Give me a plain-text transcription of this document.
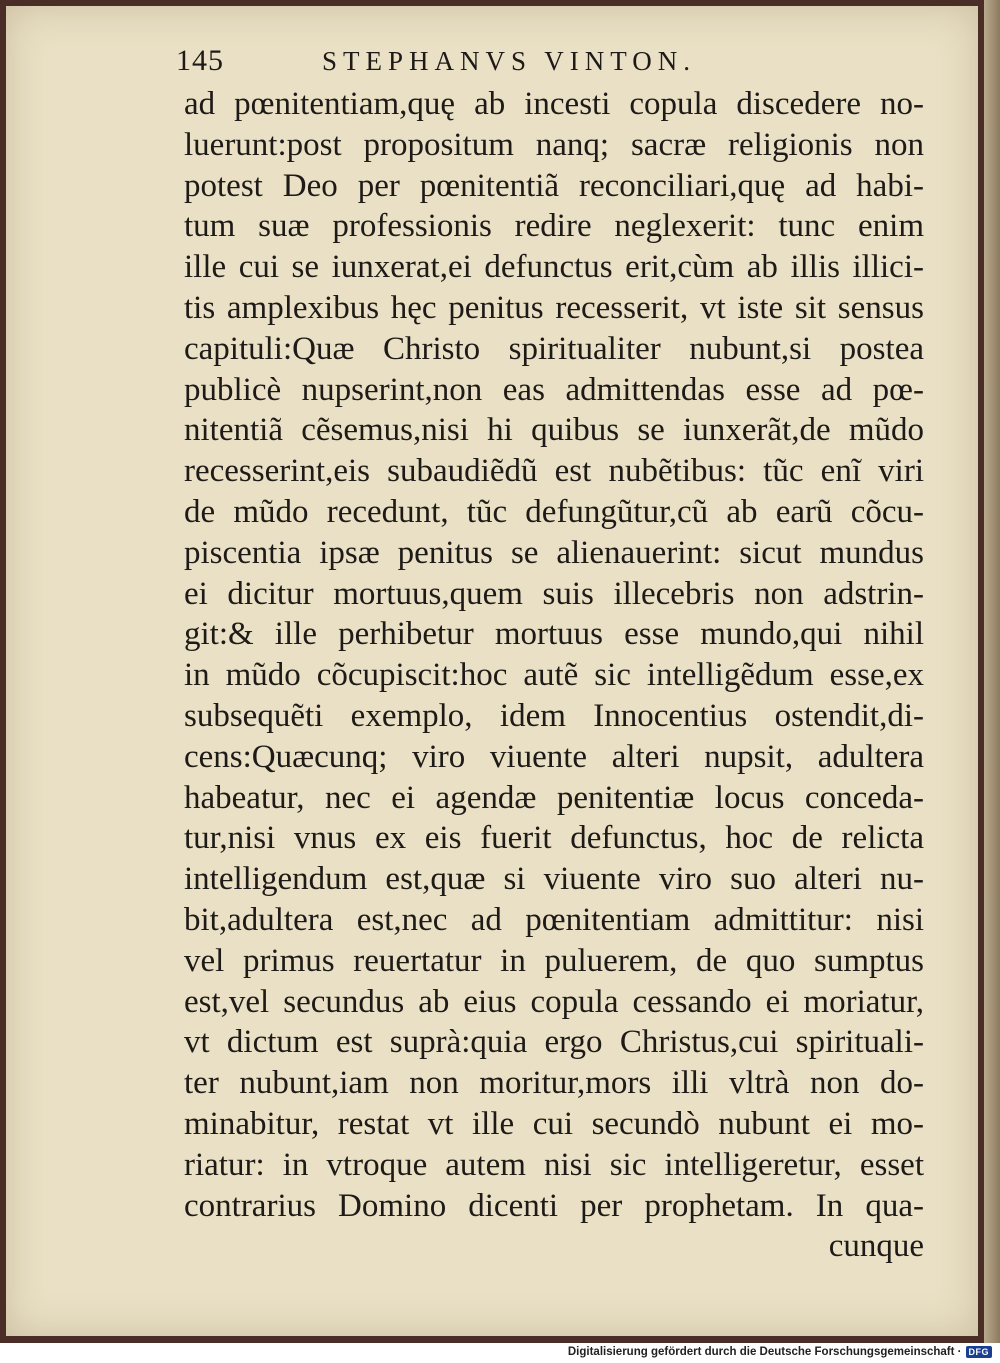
145	STEPHANVS VINTON.
ad pœnitentiam,quę ab incesti copula discedere no-
luerunt:post propositum nanq; sacræ religionis non
potest Deo per pœnitentiã reconciliari,quę ad habi-
tum suæ professionis redire neglexerit: tunc enim
ille cui se iunxerat,ei defunctus erit,cùm ab illis illici-
tis amplexibus hęc penitus recesserit, vt iste sit sensus
capituli:Quæ Christo spiritualiter nubunt,si postea
publicè nupserint,non eas admittendas esse ad pœ-
nitentiã cẽsemus,nisi hi quibus se iunxerãt,de mũdo
recesserint,eis subaudiẽdũ est nubẽtibus: tũc enĩ viri
de mũdo recedunt, tũc defungũtur,cũ ab earũ cõcu-
piscentia ipsæ penitus se alienauerint: sicut mundus
ei dicitur mortuus,quem suis illecebris non adstrin-
git:& ille perhibetur mortuus esse mundo,qui nihil
in mũdo cõcupiscit:hoc autẽ sic intelligẽdum esse,ex
subsequẽti exemplo, idem Innocentius ostendit,di-
cens:Quæcunq; viro viuente alteri nupsit, adultera
habeatur, nec ei agendæ penitentiæ locus conceda-
tur,nisi vnus ex eis fuerit defunctus, hoc de relicta
intelligendum est,quæ si viuente viro suo alteri nu-
bit,adultera est,nec ad pœnitentiam admittitur: nisi
vel primus reuertatur in puluerem, de quo sumptus
est,vel secundus ab eius copula cessando ei moriatur,
vt dictum est suprà:quia ergo Christus,cui spirituali-
ter nubunt,iam non moritur,mors illi vltrà non do-
minabitur, restat vt ille cui secundò nubunt ei mo-
riatur: in vtroque autem nisi sic intelligeretur, esset
contrarius Domino dicenti per prophetam. In qua-
cunque
Digitalisierung gefördert durch die Deutsche Forschungsgemeinschaft · DFG
